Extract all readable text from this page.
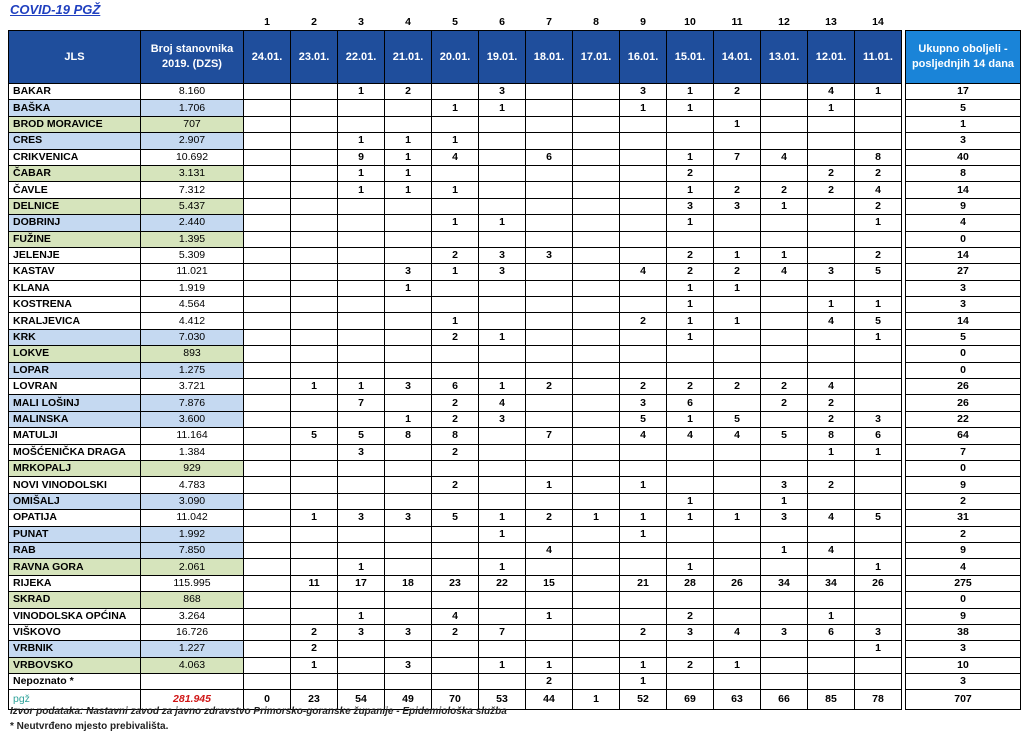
COVID-19 PGŽ
		1	2	3	4	5	6	7	8	9	10	11	12	13	14		
JLS	Broj stanovnika 2019. (DZS)	24.01.	23.01.	22.01.	21.01.	20.01.	19.01.	18.01.	17.01.	16.01.	15.01.	14.01.	13.01.	12.01.	11.01.		Ukupno oboljeli - posljednjih 14 dana
BAKAR	8.160			1	2		3			3	1	2		4	1		17
BAŠKA	1.706					1	1			1	1			1			5
BROD MORAVICE	707											1					1
CRES	2.907			1	1	1											3
CRIKVENICA	10.692			9	1	4		6			1	7	4		8		40
ČABAR	3.131			1	1						2			2	2		8
ČAVLE	7.312			1	1	1					1	2	2	2	4		14
DELNICE	5.437										3	3	1		2		9
DOBRINJ	2.440					1	1				1				1		4
FUŽINE	1.395																0
JELENJE	5.309					2	3	3			2	1	1		2		14
KASTAV	11.021				3	1	3			4	2	2	4	3	5		27
KLANA	1.919				1						1	1					3
KOSTRENA	4.564										1			1	1		3
KRALJEVICA	4.412					1				2	1	1		4	5		14
KRK	7.030					2	1				1				1		5
LOKVE	893																0
LOPAR	1.275																0
LOVRAN	3.721		1	1	3	6	1	2		2	2	2	2	4			26
MALI LOŠINJ	7.876			7		2	4			3	6		2	2			26
MALINSKA	3.600				1	2	3			5	1	5		2	3		22
MATULJI	11.164		5	5	8	8		7		4	4	4	5	8	6		64
MOŠĆENIČKA DRAGA	1.384			3		2								1	1		7
MRKOPALJ	929																0
NOVI VINODOLSKI	4.783					2		1		1			3	2			9
OMIŠALJ	3.090										1		1				2
OPATIJA	11.042		1	3	3	5	1	2	1	1	1	1	3	4	5		31
PUNAT	1.992						1			1							2
RAB	7.850							4					1	4			9
RAVNA GORA	2.061			1			1				1				1		4
RIJEKA	115.995		11	17	18	23	22	15		21	28	26	34	34	26		275
SKRAD	868																0
VINODOLSKA OPĆINA	3.264			1		4		1			2			1			9
VIŠKOVO	16.726		2	3	3	2	7			2	3	4	3	6	3		38
VRBNIK	1.227		2												1		3
VRBOVSKO	4.063		1		3		1	1		1	2	1					10
Nepoznato *								2		1							3
pgž	281.945	0	23	54	49	70	53	44	1	52	69	63	66	85	78		707
Izvor podataka: Nastavni zavod za javno zdravstvo Primorsko-goranske županije - Epidemiološka služba
* Neutvrđeno mjesto prebivališta.
